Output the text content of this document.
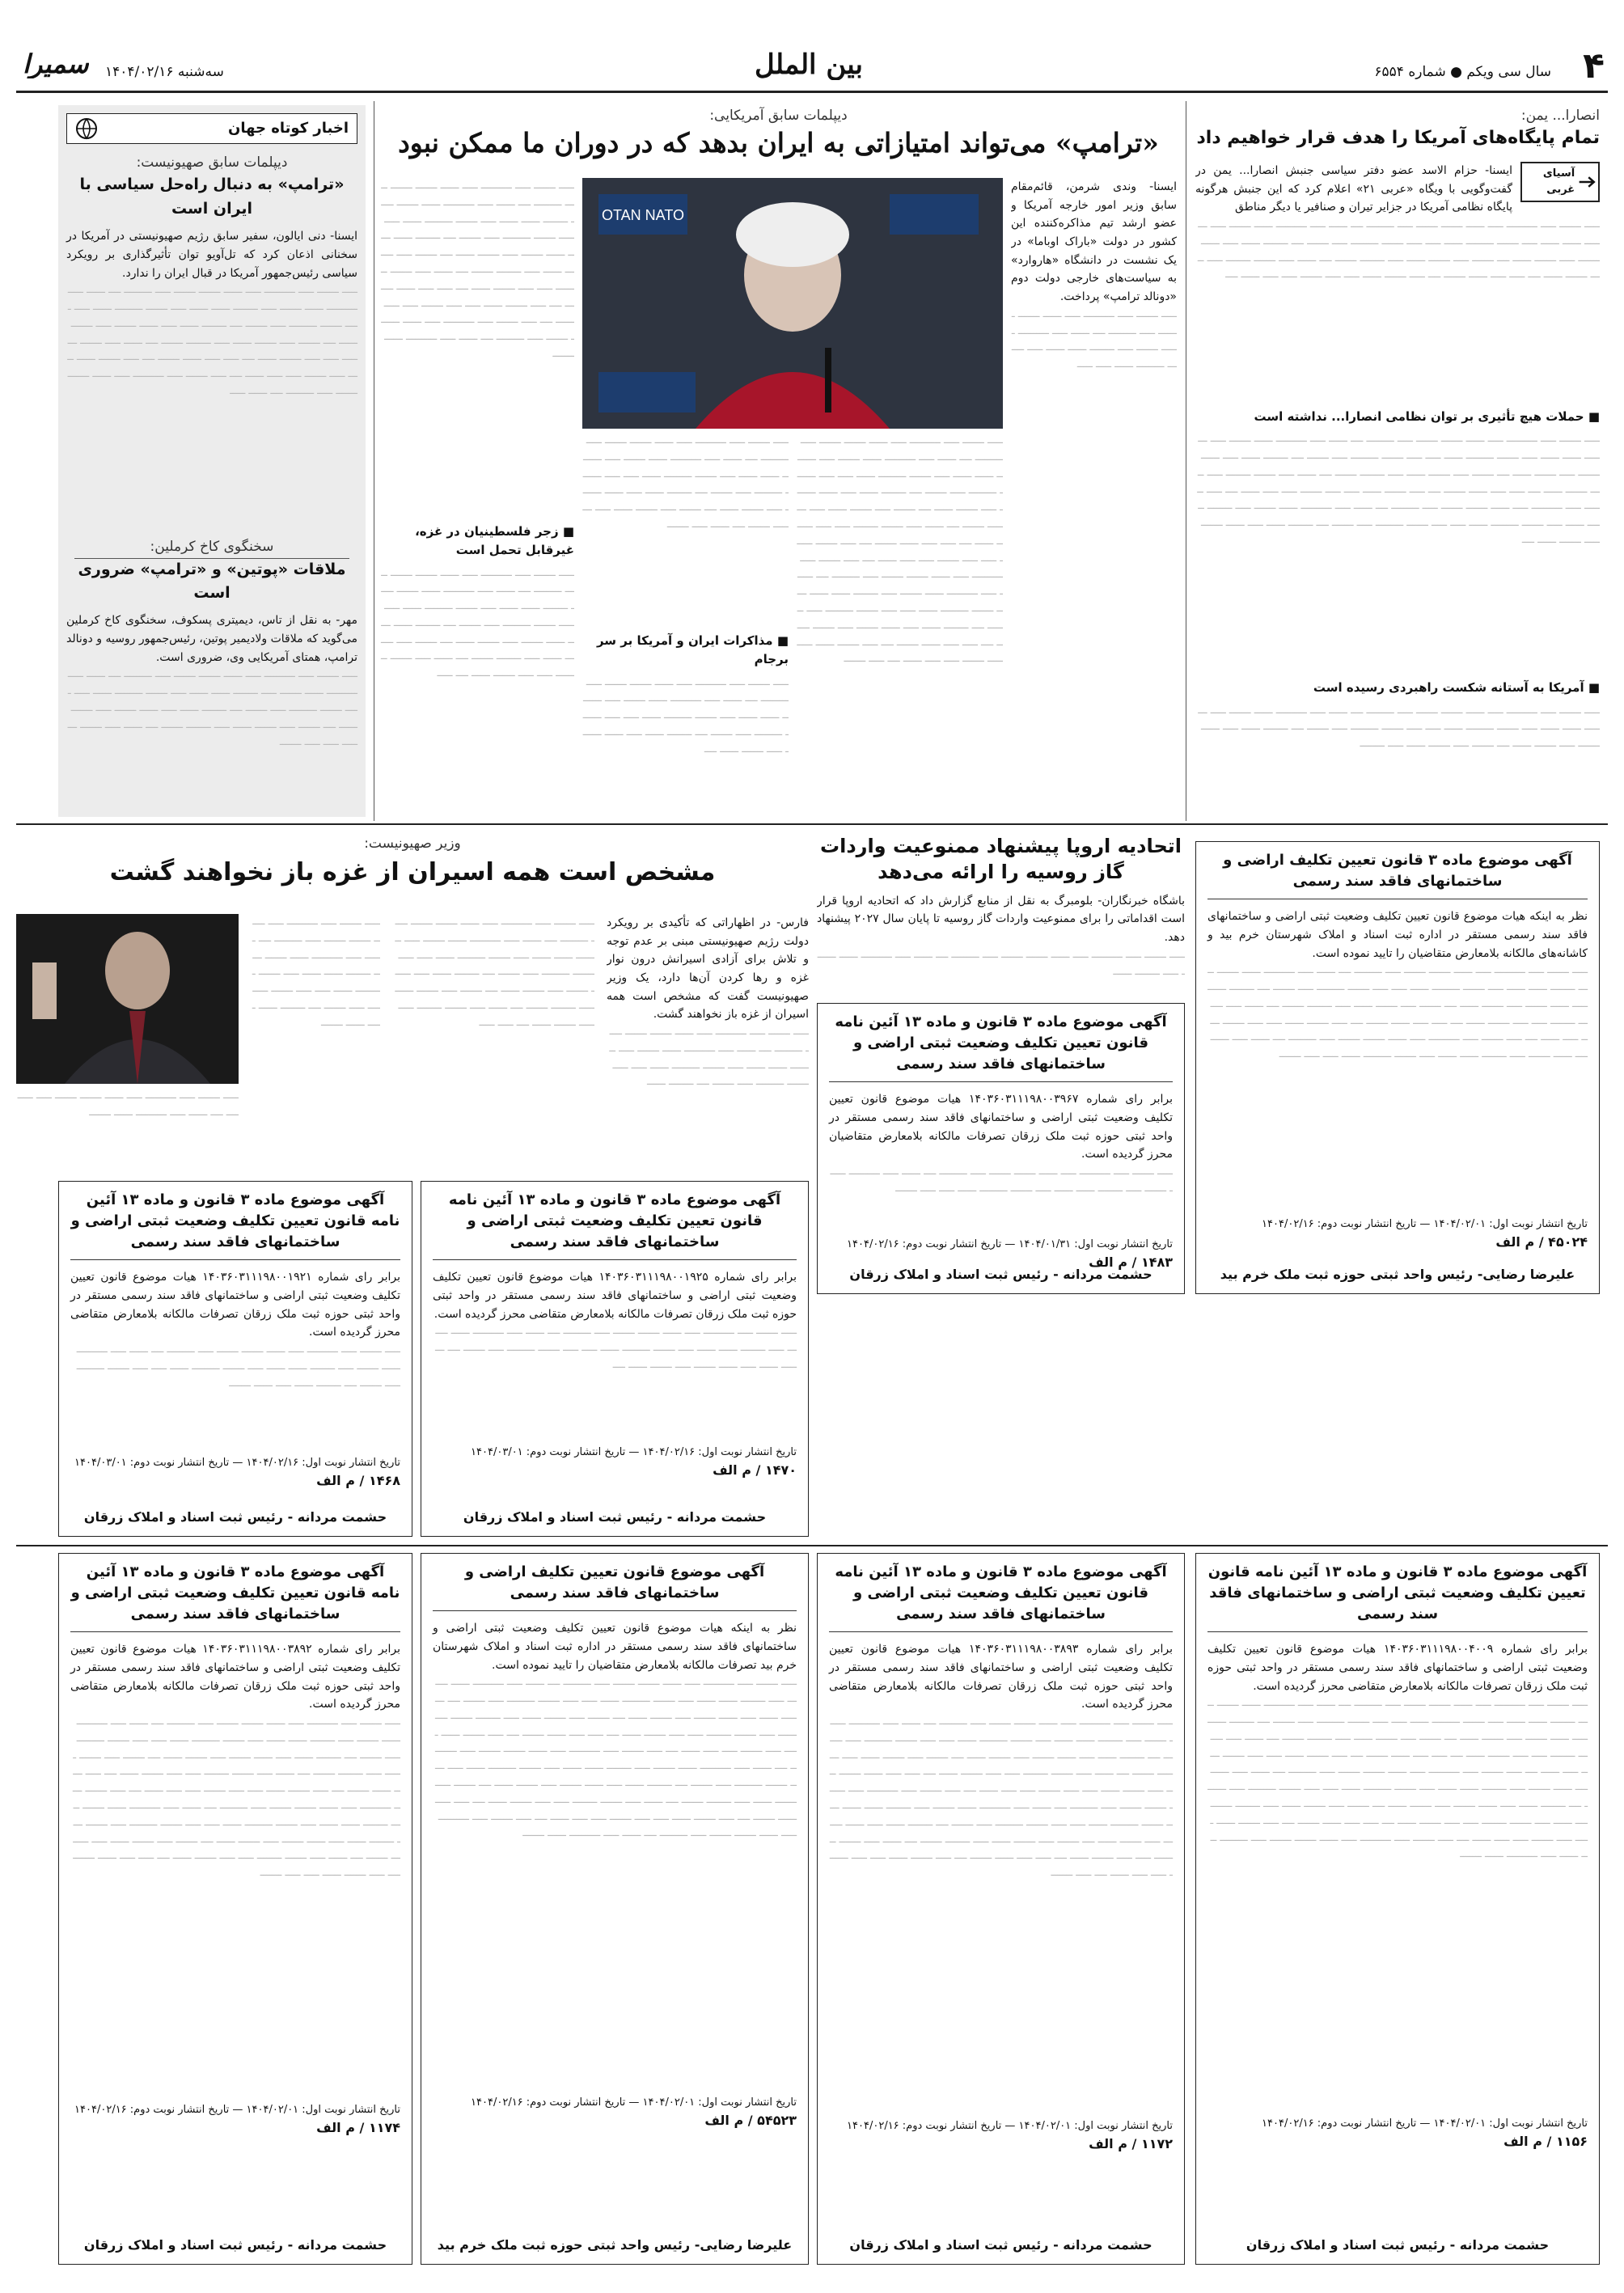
۴
سال سی ویکم ● شماره ۶۵۵۴
بین الملل
سه‌شنبه ۱۴۰۴/۰۲/۱۶
سمیرا
انصارا... یمن:
تمام پایگاه‌های آمریکا را هدف قرار خواهیم داد
آسیای غربی

ایسنا- حزام الاسد عضو دفتر سیاسی جنبش انصارا... یمن در گفت‌وگویی با ویگاه «عربی ۲۱» اعلام کرد که این جنبش هرگونه پایگاه نظامی آمریکا در جزایر تیران و صنافیر یا دیگر مناطق

ـــــ ـــــــ ـــــ ــــــــــ ـــــ ــــــ ـــــــ ـــــــ ـــــ ـــــــــ ــــ ــــــ ـــــ ــــــــــ ــــــ ـــــــ ـــــ ــــــــ ــــــ ــــــ ـــــ ـــــــ ـــــــــ ــــــ ـــــ ـــــ ـــــــ ـــــــــ ـــــ ـــــــ ــــ ــــــــ ــــــ ـــــ ــــــ ـــــــ ـــــ ـــــــ ــــــ ــــ ـــــــ ـــــ ـــــــ ــــــ ـــــ ــــــــ ـــــــ ــــ ــــــ ـــــ ـــــــ ــــــــ ـــــ ـــــ ـــــــ ــــــ ــــ ـــــ ـــــ ــــــ ـــــــ ــــ ـــــ ـــــــ ــــــ ـــــ ـــــ ـــــــ ـــــ ـــــ ــــــ ــــ
■ حملات هیچ تأثیری بر توان نظامی انصارا... نداشته است
ـــــ ـــــــ ـــــ ــــــــــ ـــــ ــــــ ـــــــ ـــــــ ـــــ ـــــــــ ــــ ــــــ ـــــ ــــــــــ ــــــ ـــــــ ـــــ ــــــــ ــــــ ــــــ ـــــ ـــــــ ـــــــــ ــــــ ـــــ ـــــ ـــــــ ـــــــــ ـــــ ـــــــ ــــ ــــــــ ــــــ ـــــ ــــــ ـــــــ ـــــ ـــــــ ــــــ ــــ ـــــــ ـــــ ـــــــ ــــــ ـــــ ــــــــ ـــــــ ــــ ــــــ ـــــ ـــــــ ــــــــ ـــــ ـــــ ـــــــ ــــــ ــــ ـــــ ـــــ ــــــ ـــــــ ــــ ـــــ ـــــــ ــــــ ـــــ ـــــ ـــــــ ـــــ ـــــ ــــــ ــــ ـــــ ـــــــ ـــــ ــــــــــ ـــــ ــــــ ـــــــ ـــــــ ـــــ ـــــــــ ــــ ــــــ ـــــ ــــــــــ ــــــ ـــــــ ـــــ ــــــــ ــــــ ــــــ ـــــ ـــــــ ـــــــــ ــــــ ـــــ ـــــ ـــــــ ـــــــــ ـــــ ـــــــ ــــ ــــــــ ــــــ ـــــ ــــــ ـــــــ ـــــ ـــــــ ــــــ ــــ
■ آمریکا به آستانه شکست راهبردی رسیده است
ـــــ ـــــــ ـــــ ــــــــــ ـــــ ــــــ ـــــــ ـــــــ ـــــ ـــــــــ ــــ ــــــ ـــــ ــــــــــ ــــــ ـــــــ ـــــ ــــــــ ــــــ ــــــ ـــــ ـــــــ ـــــــــ ــــــ ـــــ ـــــ ـــــــ ـــــــــ ـــــ ـــــــ ــــ ــــــــ ــــــ ـــــ ــــــ ـــــــ ـــــ ـــــــ ــــــ ــــ ـــــــ ـــــ ـــــــ ــــــ ـــــ ــــــــ
دیپلمات سابق آمریکایی:
«ترامپ» می‌تواند امتیازاتی به ایران بدهد که در دوران ما ممکن نبود

ایسنا- وندی شرمن، قائم‌مقام سابق وزیر امور خارجه آمریکا و عضو ارشد تیم مذاکره‌کننده این کشور در دولت «باراک اوباما» در یک نشست در دانشگاه «هاروارد» به سیاست‌های خارجی دولت دوم «دونالد ترامپ» پرداخت.

ـــــ ـــــــ ـــــ ــــــــــ ـــــ ــــــ ـــــــ ـــــــ ـــــ ـــــــــ ــــ ــــــ ـــــ ــــــــــ ــــــ ـــــــ ـــــ ــــــــ ــــــ ــــــ ـــــ ـــــــ ـــــــــ ــــــ ـــــ ـــــ
OTAN NATO
ـــــ ـــــــ ـــــ ــــــــــ ـــــ ــــــ ـــــــ ـــــــ ـــــ ـــــــــ ــــ ــــــ ـــــ ــــــــــ ــــــ ـــــــ ـــــ ــــــــ ــــــ ــــــ ـــــ ـــــــ ـــــــــ ــــــ ـــــ ـــــ ـــــــ ـــــــــ ـــــ ـــــــ ــــ ــــــــ ــــــ ـــــ ــــــ ـــــــ ـــــ ـــــــ ــــــ ــــ ـــــــ ـــــ ـــــــ ــــــ ـــــ ــــــــ ـــــــ ــــ ــــــ ـــــ ـــــــ ــــــــ ـــــ ـــــ ـــــــ ــــــ ــــ ـــــ ـــــ ــــــ ـــــــ ــــ ـــــ ـــــــ ــــــ ـــــ ـــــ ـــــــ ـــــ ـــــ ــــــ ــــ ـــــ ـــــــ ـــــ ــــــــــ ـــــ ــــــ ـــــــ ـــــــ ـــــ ـــــــــ ــــ ــــــ ـــــ ــــــــــ ــــــ ـــــــ ـــــ ــــــــ ــــــ ــــــ ـــــ ـــــــ ـــــــــ ــــــ ـــــ ـــــ ـــــــ ـــــــــ ـــــ ـــــــ ــــ ــــــــ ــــــ ـــــ ــــــ ـــــــ ـــــ ـــــــ ــــــ ــــ ـــــ ـــــ ــــــ ـــــــ ــــ ـــــ ـــــــ ــــــ ـــــ ـــــ ـــــــ ـــــ ـــــ ــــــ ــــ ـــــ ـــــــ
ـــــ ـــــــ ـــــ ــــــــــ ـــــ ــــــ ـــــــ ـــــــ ـــــ ـــــــــ ــــ ــــــ ـــــ ــــــــــ ــــــ ـــــــ ـــــ ــــــــ ــــــ ــــــ ـــــ ـــــــ ـــــــــ ــــــ ـــــ ـــــ ـــــــ ـــــــــ ـــــ ـــــــ ــــ ــــــــ ــــــ ـــــ ــــــ ـــــــ ـــــ ـــــــ ــــــ ــــ ـــــــ ـــــ ـــــــ ــــــ ـــــ ــــــــ ـــــــ ــــ ــــــ ـــــ ـــــــ
■ مذاکرات ایران و آمریکا بر سر برجام
ـــــ ـــــــ ـــــ ــــــــــ ـــــ ــــــ ـــــــ ـــــــ ـــــ ـــــــــ ــــ ــــــ ـــــ ــــــــــ ــــــ ـــــــ ـــــ ــــــــ ــــــ ــــــ ـــــ ـــــــ ـــــــــ ــــــ ـــــ ـــــ ـــــــ ـــــــــ ـــــ ـــــــ ــــ ــــــــ ــــــ ـــــ ــــــ ـــــــ ـــــ ـــــــ ــــــ ــــ
ـــــ ـــــــ ـــــ ــــــــــ ـــــ ــــــ ـــــــ ـــــــ ـــــ ـــــــــ ــــ ــــــ ـــــ ــــــــــ ــــــ ـــــــ ـــــ ــــــــ ــــــ ــــــ ـــــ ـــــــ ـــــــــ ــــــ ـــــ ـــــ ـــــــ ـــــــــ ـــــ ـــــــ ــــ ــــــــ ــــــ ـــــ ــــــ ـــــــ ـــــ ـــــــ ــــــ ــــ ـــــــ ـــــ ـــــــ ــــــ ـــــ ــــــــ ـــــــ ــــ ــــــ ـــــ ـــــــ ــــــــ ـــــ ـــــ ـــــــ ــــــ ــــ ـــــ ـــــ ــــــ ـــــــ ــــ ـــــ ـــــــ ــــــ ـــــ ـــــ ـــــــ ـــــ ـــــ ــــــ ــــ ـــــ ـــــــ ـــــ ــــــــــ ـــــ ــــــ ـــــــ ـــــــ ـــــ ـــــــــ ــــ ــــــ ـــــ ــــــــــ ــــــ ـــــــ
■ زجر فلسطینیان در غزه، غیرقابل تحمل است
ـــــ ـــــــ ـــــ ــــــــــ ـــــ ــــــ ـــــــ ـــــــ ـــــ ـــــــــ ــــ ــــــ ـــــ ــــــــــ ــــــ ـــــــ ـــــ ــــــــ ــــــ ــــــ ـــــ ـــــــ ـــــــــ ــــــ ـــــ ـــــ ـــــــ ـــــــــ ـــــ ـــــــ ــــ ــــــــ ــــــ ـــــ ــــــ ـــــــ ـــــ ـــــــ ــــــ ــــ ـــــــ ـــــ ـــــــ ــــــ ـــــ ــــــــ ـــــــ ــــ ــــــ ـــــ ـــــــ ــــــــ ـــــ ـــــ ـــــــ ــــــ ــــ ـــــ
اخبار کوتاه جهان
دیپلمات سابق صهیونیست:
«ترامپ» به دنبال راه‌حل سیاسی با ایران است

ایسنا- دنی ایالون، سفیر سابق رژیم صهیونیستی در آمریکا در سخنانی اذعان کرد که تل‌آویو توان تأثیرگذاری بر رویکرد سیاسی رئیس‌جمهور آمریکا در قبال ایران را ندارد.

ـــــ ـــــــ ـــــ ــــــــــ ـــــ ــــــ ـــــــ ـــــــ ـــــ ـــــــــ ــــ ــــــ ـــــ ــــــــــ ــــــ ـــــــ ـــــ ــــــــ ــــــ ــــــ ـــــ ـــــــ ـــــــــ ــــــ ـــــ ـــــ ـــــــ ـــــــــ ـــــ ـــــــ ــــ ــــــــ ــــــ ـــــ ــــــ ـــــــ ـــــ ـــــــ ــــــ ــــ ـــــــ ـــــ ـــــــ ــــــ ـــــ ــــــــ ـــــــ ــــ ــــــ ـــــ ـــــــ ــــــــ ـــــ ـــــ ـــــــ ــــــ ــــ ـــــ ـــــ ــــــ ـــــــ ــــ ـــــ ـــــــ ــــــ ـــــ ـــــ ـــــــ ـــــ ـــــ ــــــ ــــ ـــــ ـــــــ ـــــ ــــــــــ ـــــ ــــــ ـــــــ ـــــــ ـــــ ـــــــــ ــــ ــــــ ـــــ
سخنگوی کاخ کرملین:
ملاقات «پوتین» و «ترامپ» ضروری است

مهر- به نقل از تاس، دیمیتری پسکوف، سخنگوی کاخ کرملین می‌گوید که ملاقات ولادیمیر پوتین، رئیس‌جمهور روسیه و دونالد ترامپ، همتای آمریکایی وی، ضروری است.

ـــــ ـــــــ ـــــ ــــــــــ ـــــ ــــــ ـــــــ ـــــــ ـــــ ـــــــــ ــــ ــــــ ـــــ ــــــــــ ــــــ ـــــــ ـــــ ــــــــ ــــــ ــــــ ـــــ ـــــــ ـــــــــ ــــــ ـــــ ـــــ ـــــــ ـــــــــ ـــــ ـــــــ ــــ ــــــــ ــــــ ـــــ ــــــ ـــــــ ـــــ ـــــــ ــــــ ــــ ـــــــ ـــــ ـــــــ ــــــ ـــــ ــــــــ ـــــــ ــــ ــــــ ـــــ ـــــــ ــــــــ ـــــ ـــــ ـــــــ
اتحادیه اروپا پیشنهاد ممنوعیت واردات گاز روسیه را ارائه می‌دهد

باشگاه خبرنگاران- بلومبرگ به نقل از منابع گزارش داد که اتحادیه اروپا قرار است اقداماتی را برای ممنوعیت واردات گاز روسیه تا پایان سال ۲۰۲۷ پیشنهاد دهد.

ـــــ ـــــــ ـــــ ــــــــــ ـــــ ــــــ ـــــــ ـــــــ ـــــ ـــــــــ ــــ ــــــ ـــــ ــــــــــ ــــــ ـــــــ ـــــ ــــــــ ــــــ
وزیر صهیونیست:
مشخص است همه اسیران از غزه باز نخواهند گشت

فارس- در اظهاراتی که تأکیدی بر رویکرد دولت رژیم صهیونیستی مبنی بر عدم توجه و تلاش برای آزادی اسیرانش درون نوار غزه و رها کردن آن‌ها دارد، یک وزیر صهیونیست گفت که مشخص است همه اسیران از غزه باز نخواهند گشت.

ـــــ ـــــــ ـــــ ــــــــــ ـــــ ــــــ ـــــــ ـــــــ ـــــ ـــــــــ ــــ ــــــ ـــــ ــــــــــ ــــــ ـــــــ ـــــ ــــــــ ــــــ ــــــ ـــــ ـــــــ ـــــــــ ــــــ ـــــ ـــــ ـــــــ ـــــــــ ـــــ ـــــــ ــــ ــــــــ ــــــ
ـــــ ـــــــ ـــــ ــــــــــ ـــــ ــــــ ـــــــ ـــــــ ـــــ ـــــــــ ــــ ــــــ ـــــ ــــــــــ ــــــ ـــــــ ـــــ ــــــــ ــــــ ــــــ ـــــ ـــــــ ـــــــــ ــــــ ـــــ ـــــ ـــــــ ـــــــــ ـــــ ـــــــ ــــ ــــــــ ــــــ ـــــ ــــــ ـــــــ ـــــ ـــــــ ــــــ ــــ ـــــــ ـــــ ـــــــ ــــــ ـــــ ــــــــ ـــــــ ــــ ــــــ ـــــ ـــــــ ــــــــ ـــــ ـــــ ـــــــ ــــــ ــــ ـــــ ـــــ
ـــــ ـــــــ ـــــ ــــــــــ ـــــ ــــــ ـــــــ ـــــــ ـــــ ـــــــــ ــــ ــــــ ـــــ ــــــــــ ــــــ ـــــــ ـــــ ــــــــ ــــــ ــــــ ـــــ ـــــــ ـــــــــ ــــــ ـــــ ـــــ ـــــــ ـــــــــ ـــــ ـــــــ ــــ ــــــــ ــــــ ـــــ ــــــ ـــــــ
ـــــ ـــــــ ـــــ ــــــــــ ـــــ ــــــ ـــــــ ـــــــ ـــــ ـــــــــ ــــ ــــــ ـــــ ــــــــــ ــــــ ـــــــ
آگهی موضوع ماده ۳ قانون تعیین تکلیف اراضی و ساختمانهای فاقد سند رسمی

نظر به اینکه هیات موضوع قانون تعیین تکلیف وضعیت ثبتی اراضی و ساختمانهای فاقد سند رسمی مستقر در اداره ثبت اسناد و املاک شهرستان خرم بید و کاشانه‌های مالکانه بلامعارض متقاضیان را تایید نموده است.

ـــــ ـــــــ ـــــ ــــــــــ ـــــ ــــــ ـــــــ ـــــــ ـــــ ـــــــــ ــــ ــــــ ـــــ ــــــــــ ــــــ ـــــــ ـــــ ــــــــ ــــــ ــــــ ـــــ ـــــــ ـــــــــ ــــــ ـــــ ـــــ ـــــــ ـــــــــ ـــــ ـــــــ ــــ ــــــــ ــــــ ـــــ ــــــ ـــــــ ـــــ ـــــــ ــــــ ــــ ـــــــ ـــــ ـــــــ ــــــ ـــــ ــــــــ ـــــــ ــــ ــــــ ـــــ ـــــــ ــــــــ ـــــ ـــــ ـــــــ ــــــ ــــ ـــــ ـــــ ــــــ ـــــــ ــــ ـــــ ـــــــ ــــــ ـــــ ـــــ ـــــــ ـــــ ـــــ ــــــ ــــ ـــــ ـــــــ ـــــ ــــــــــ ـــــ ــــــ ـــــــ ـــــــ ـــــ ـــــــــ ــــ ــــــ ـــــ ــــــــــ ــــــ ـــــــ ـــــ ــــــــ ــــــ ــــــ ـــــ ـــــــ ـــــــــ ــــــ ـــــ ـــــ ـــــــ
تاریخ انتشار نوبت اول: ۱۴۰۴/۰۲/۰۱ — تاریخ انتشار نوبت دوم: ۱۴۰۴/۰۲/۱۶
۴۵۰۲۴ / م الف
علیرضا رضایی- رئیس واحد ثبتی حوزه ثبت ملک خرم بید
آگهی موضوع ماده ۳ قانون و ماده ۱۳ آئین نامه قانون تعیین تکلیف وضعیت ثبتی اراضی و ساختمانهای فاقد سند رسمی

برابر رای شماره ۱۴۰۳۶۰۳۱۱۱۹۸۰۰۳۹۶۷ هیات موضوع قانون تعیین تکلیف وضعیت ثبتی اراضی و ساختمانهای فاقد سند رسمی مستقر در واحد ثبتی حوزه ثبت ملک زرقان تصرفات مالکانه بلامعارض متقاضیان محرز گردیده است.

ـــــ ـــــــ ـــــ ــــــــــ ـــــ ــــــ ـــــــ ـــــــ ـــــ ـــــــــ ــــ ــــــ ـــــ ــــــــــ ــــــ ـــــــ ـــــ ــــــــ ــــــ ــــــ ـــــ ـــــــ ـــــــــ ــــــ ـــــ ـــــ ـــــــ
تاریخ انتشار نوبت اول: ۱۴۰۴/۰۱/۳۱ — تاریخ انتشار نوبت دوم: ۱۴۰۴/۰۲/۱۶
۱۴۸۳ / م الف
حشمت مردانه - رئیس ثبت اسناد و املاک زرقان
آگهی موضوع ماده ۳ قانون و ماده ۱۳ آئین نامه قانون تعیین تکلیف وضعیت ثبتی اراضی و ساختمانهای فاقد سند رسمی

برابر رای شماره ۱۴۰۳۶۰۳۱۱۱۹۸۰۰۱۹۲۵ هیات موضوع قانون تعیین تکلیف وضعیت ثبتی اراضی و ساختمانهای فاقد سند رسمی مستقر در واحد ثبتی حوزه ثبت ملک زرقان تصرفات مالکانه بلامعارض متقاضی محرز گردیده است.

ـــــ ـــــــ ـــــ ــــــــــ ـــــ ــــــ ـــــــ ـــــــ ـــــ ـــــــــ ــــ ــــــ ـــــ ــــــــــ ــــــ ـــــــ ـــــ ــــــــ ــــــ ــــــ ـــــ ـــــــ ـــــــــ ــــــ ـــــ ـــــ ـــــــ ـــــــــ ـــــ ـــــــ ــــ ــــــــ ــــــ ـــــ ــــــ ـــــــ ـــــ ـــــــ ــــــ ــــ
تاریخ انتشار نوبت اول: ۱۴۰۴/۰۲/۱۶ — تاریخ انتشار نوبت دوم: ۱۴۰۴/۰۳/۰۱
۱۴۷۰ / م الف
حشمت مردانه - رئیس ثبت اسناد و املاک زرقان
آگهی موضوع ماده ۳ قانون و ماده ۱۳ آئین نامه قانون تعیین تکلیف وضعیت ثبتی اراضی و ساختمانهای فاقد سند رسمی

برابر رای شماره ۱۴۰۳۶۰۳۱۱۱۹۸۰۰۱۹۲۱ هیات موضوع قانون تعیین تکلیف وضعیت ثبتی اراضی و ساختمانهای فاقد سند رسمی مستقر در واحد ثبتی حوزه ثبت ملک زرقان تصرفات مالکانه بلامعارض متقاضی محرز گردیده است.

ـــــ ـــــــ ـــــ ــــــــــ ـــــ ــــــ ـــــــ ـــــــ ـــــ ـــــــــ ــــ ــــــ ـــــ ــــــــــ ــــــ ـــــــ ـــــ ــــــــ ــــــ ــــــ ـــــ ـــــــ ـــــــــ ــــــ ـــــ ـــــ ـــــــ ـــــــــ ـــــ ـــــــ ــــ ــــــــ ــــــ ـــــ ــــــ ـــــــ
تاریخ انتشار نوبت اول: ۱۴۰۴/۰۲/۱۶ — تاریخ انتشار نوبت دوم: ۱۴۰۴/۰۳/۰۱
۱۴۶۸ / م الف
حشمت مردانه - رئیس ثبت اسناد و املاک زرقان
آگهی موضوع ماده ۳ قانون و ماده ۱۳ آئین نامه قانون تعیین تکلیف وضعیت ثبتی اراضی و ساختمانهای فاقد سند رسمی

برابر رای شماره ۱۴۰۳۶۰۳۱۱۱۹۸۰۰۴۰۰۹ هیات موضوع قانون تعیین تکلیف وضعیت ثبتی اراضی و ساختمانهای فاقد سند رسمی مستقر در واحد ثبتی حوزه ثبت ملک زرقان تصرفات مالکانه بلامعارض متقاضی محرز گردیده است.

ـــــ ـــــــ ـــــ ــــــــــ ـــــ ــــــ ـــــــ ـــــــ ـــــ ـــــــــ ــــ ــــــ ـــــ ــــــــــ ــــــ ـــــــ ـــــ ــــــــ ــــــ ــــــ ـــــ ـــــــ ـــــــــ ــــــ ـــــ ـــــ ـــــــ ـــــــــ ـــــ ـــــــ ــــ ــــــــ ــــــ ـــــ ــــــ ـــــــ ـــــ ـــــــ ــــــ ــــ ـــــــ ـــــ ـــــــ ــــــ ـــــ ــــــــ ـــــــ ــــ ــــــ ـــــ ـــــــ ــــــــ ـــــ ـــــ ـــــــ ــــــ ــــ ـــــ ـــــ ــــــ ـــــــ ــــ ـــــ ـــــــ ــــــ ـــــ ـــــ ـــــــ ـــــ ـــــ ــــــ ــــ ـــــ ـــــــ ـــــ ــــــــــ ـــــ ــــــ ـــــــ ـــــــ ـــــ ـــــــــ ــــ ــــــ ـــــ ــــــــــ ــــــ ـــــــ ـــــ ــــــــ ــــــ ــــــ ـــــ ـــــــ ـــــــــ ــــــ ـــــ ـــــ ـــــــ ـــــــــ ـــــ ـــــــ ــــ ــــــــ ــــــ ـــــ ــــــ ـــــــ ـــــ ـــــــ ــــــ ــــ ـــــــ ـــــ ـــــــ ــــــ ـــــ ــــــــ ـــــــ ــــ ــــــ ـــــ ـــــــ ــــــــ ـــــ ـــــ ـــــــ ــــــ ــــ ـــــ ـــــ ــــــ ـــــــ ــــ ـــــ ـــــــ ــــــ ـــــ ـــــ ـــــــ ـــــ ـــــ ــــــ ــــ ـــــ ـــــــ ـــــ ــــــــــ ـــــ ــــــ ـــــــ ـــــــ ـــــ ـــــــــ ــــ ــــــ ـــــ ــــــــــ ــــــ ـــــــ
تاریخ انتشار نوبت اول: ۱۴۰۴/۰۲/۰۱ — تاریخ انتشار نوبت دوم: ۱۴۰۴/۰۲/۱۶
۱۱۵۶ / م الف
حشمت مردانه - رئیس ثبت اسناد و املاک زرقان
آگهی موضوع ماده ۳ قانون و ماده ۱۳ آئین نامه قانون تعیین تکلیف وضعیت ثبتی اراضی و ساختمانهای فاقد سند رسمی

برابر رای شماره ۱۴۰۳۶۰۳۱۱۱۹۸۰۰۳۸۹۳ هیات موضوع قانون تعیین تکلیف وضعیت ثبتی اراضی و ساختمانهای فاقد سند رسمی مستقر در واحد ثبتی حوزه ثبت ملک زرقان تصرفات مالکانه بلامعارض متقاضی محرز گردیده است.

ـــــ ـــــــ ـــــ ــــــــــ ـــــ ــــــ ـــــــ ـــــــ ـــــ ـــــــــ ــــ ــــــ ـــــ ــــــــــ ــــــ ـــــــ ـــــ ــــــــ ــــــ ــــــ ـــــ ـــــــ ـــــــــ ــــــ ـــــ ـــــ ـــــــ ـــــــــ ـــــ ـــــــ ــــ ــــــــ ــــــ ـــــ ــــــ ـــــــ ـــــ ـــــــ ــــــ ــــ ـــــــ ـــــ ـــــــ ــــــ ـــــ ــــــــ ـــــــ ــــ ــــــ ـــــ ـــــــ ــــــــ ـــــ ـــــ ـــــــ ــــــ ــــ ـــــ ـــــ ــــــ ـــــــ ــــ ـــــ ـــــــ ــــــ ـــــ ـــــ ـــــــ ـــــ ـــــ ــــــ ــــ ـــــ ـــــــ ـــــ ــــــــــ ـــــ ــــــ ـــــــ ـــــــ ـــــ ـــــــــ ــــ ــــــ ـــــ ــــــــــ ــــــ ـــــــ ـــــ ــــــــ ــــــ ــــــ ـــــ ـــــــ ـــــــــ ــــــ ـــــ ـــــ ـــــــ ـــــــــ ـــــ ـــــــ ــــ ــــــــ ــــــ ـــــ ــــــ ـــــــ ـــــ ـــــــ ــــــ ــــ ـــــــ ـــــ ـــــــ ــــــ ـــــ ــــــــ ـــــــ ــــ ــــــ ـــــ ـــــــ ــــــــ ـــــ ـــــ ـــــــ ــــــ ــــ ـــــ ـــــ ــــــ ـــــــ ــــ ـــــ ـــــــ ــــــ ـــــ ـــــ ـــــــ ـــــ ـــــ ــــــ ــــ ـــــ ـــــــ
تاریخ انتشار نوبت اول: ۱۴۰۴/۰۲/۰۱ — تاریخ انتشار نوبت دوم: ۱۴۰۴/۰۲/۱۶
۱۱۷۲ / م الف
حشمت مردانه - رئیس ثبت اسناد و املاک زرقان
آگهی موضوع قانون تعیین تکلیف اراضی و ساختمانهای فاقد سند رسمی

نظر به اینکه هیات موضوع قانون تعیین تکلیف وضعیت ثبتی اراضی و ساختمانهای فاقد سند رسمی مستقر در اداره ثبت اسناد و املاک شهرستان خرم بید تصرفات مالکانه بلامعارض متقاضیان را تایید نموده است.

ـــــ ـــــــ ـــــ ــــــــــ ـــــ ــــــ ـــــــ ـــــــ ـــــ ـــــــــ ــــ ــــــ ـــــ ــــــــــ ــــــ ـــــــ ـــــ ــــــــ ــــــ ــــــ ـــــ ـــــــ ـــــــــ ــــــ ـــــ ـــــ ـــــــ ـــــــــ ـــــ ـــــــ ــــ ــــــــ ــــــ ـــــ ــــــ ـــــــ ـــــ ـــــــ ــــــ ــــ ـــــــ ـــــ ـــــــ ــــــ ـــــ ــــــــ ـــــــ ــــ ــــــ ـــــ ـــــــ ــــــــ ـــــ ـــــ ـــــــ ــــــ ــــ ـــــ ـــــ ــــــ ـــــــ ــــ ـــــ ـــــــ ــــــ ـــــ ـــــ ـــــــ ـــــ ـــــ ــــــ ــــ ـــــ ـــــــ ـــــ ــــــــــ ـــــ ــــــ ـــــــ ـــــــ ـــــ ـــــــــ ــــ ــــــ ـــــ ــــــــــ ــــــ ـــــــ ـــــ ــــــــ ــــــ ــــــ ـــــ ـــــــ ـــــــــ ــــــ ـــــ ـــــ ـــــــ ـــــــــ ـــــ ـــــــ ــــ ــــــــ ــــــ ـــــ ــــــ ـــــــ ـــــ ـــــــ ــــــ ــــ ـــــــ ـــــ ـــــــ ــــــ ـــــ ــــــــ ـــــــ ــــ ــــــ ـــــ ـــــــ ــــــــ ـــــ ـــــ ـــــــ ــــــ ــــ ـــــ ـــــ ــــــ ـــــــ ــــ ـــــ ـــــــ ــــــ ـــــ ـــــ ـــــــ ـــــ ـــــ ــــــ ــــ ـــــ ـــــــ ـــــ ــــــــــ ـــــ ــــــ ـــــــ ـــــــ ـــــ ـــــــــ ــــ ــــــ ـــــ ــــــــــ ــــــ ـــــــ
تاریخ انتشار نوبت اول: ۱۴۰۴/۰۲/۰۱ — تاریخ انتشار نوبت دوم: ۱۴۰۴/۰۲/۱۶
۵۴۵۲۳ / م الف
علیرضا رضایی- رئیس واحد ثبتی حوزه ثبت ملک خرم بید
آگهی موضوع ماده ۳ قانون و ماده ۱۳ آئین نامه قانون تعیین تکلیف وضعیت ثبتی اراضی و ساختمانهای فاقد سند رسمی

برابر رای شماره ۱۴۰۳۶۰۳۱۱۱۹۸۰۰۳۸۹۲ هیات موضوع قانون تعیین تکلیف وضعیت ثبتی اراضی و ساختمانهای فاقد سند رسمی مستقر در واحد ثبتی حوزه ثبت ملک زرقان تصرفات مالکانه بلامعارض متقاضی محرز گردیده است.

ـــــ ـــــــ ـــــ ــــــــــ ـــــ ــــــ ـــــــ ـــــــ ـــــ ـــــــــ ــــ ــــــ ـــــ ــــــــــ ــــــ ـــــــ ـــــ ــــــــ ــــــ ــــــ ـــــ ـــــــ ـــــــــ ــــــ ـــــ ـــــ ـــــــ ـــــــــ ـــــ ـــــــ ــــ ــــــــ ــــــ ـــــ ــــــ ـــــــ ـــــ ـــــــ ــــــ ــــ ـــــــ ـــــ ـــــــ ــــــ ـــــ ــــــــ ـــــــ ــــ ــــــ ـــــ ـــــــ ــــــــ ـــــ ـــــ ـــــــ ــــــ ــــ ـــــ ـــــ ــــــ ـــــــ ــــ ـــــ ـــــــ ــــــ ـــــ ـــــ ـــــــ ـــــ ـــــ ــــــ ــــ ـــــ ـــــــ ـــــ ــــــــــ ـــــ ــــــ ـــــــ ـــــــ ـــــ ـــــــــ ــــ ــــــ ـــــ ــــــــــ ــــــ ـــــــ ـــــ ــــــــ ــــــ ــــــ ـــــ ـــــــ ـــــــــ ــــــ ـــــ ـــــ ـــــــ ـــــــــ ـــــ ـــــــ ــــ ــــــــ ــــــ ـــــ ــــــ ـــــــ ـــــ ـــــــ ــــــ ــــ ـــــــ ـــــ ـــــــ ــــــ ـــــ ــــــــ ـــــــ ــــ ــــــ ـــــ ـــــــ ــــــــ ـــــ ـــــ ـــــــ ــــــ ــــ ـــــ ـــــ ــــــ ـــــــ ــــ ـــــ ـــــــ ــــــ ـــــ ـــــ ـــــــ
تاریخ انتشار نوبت اول: ۱۴۰۴/۰۲/۰۱ — تاریخ انتشار نوبت دوم: ۱۴۰۴/۰۲/۱۶
۱۱۷۴ / م الف
حشمت مردانه - رئیس ثبت اسناد و املاک زرقان
